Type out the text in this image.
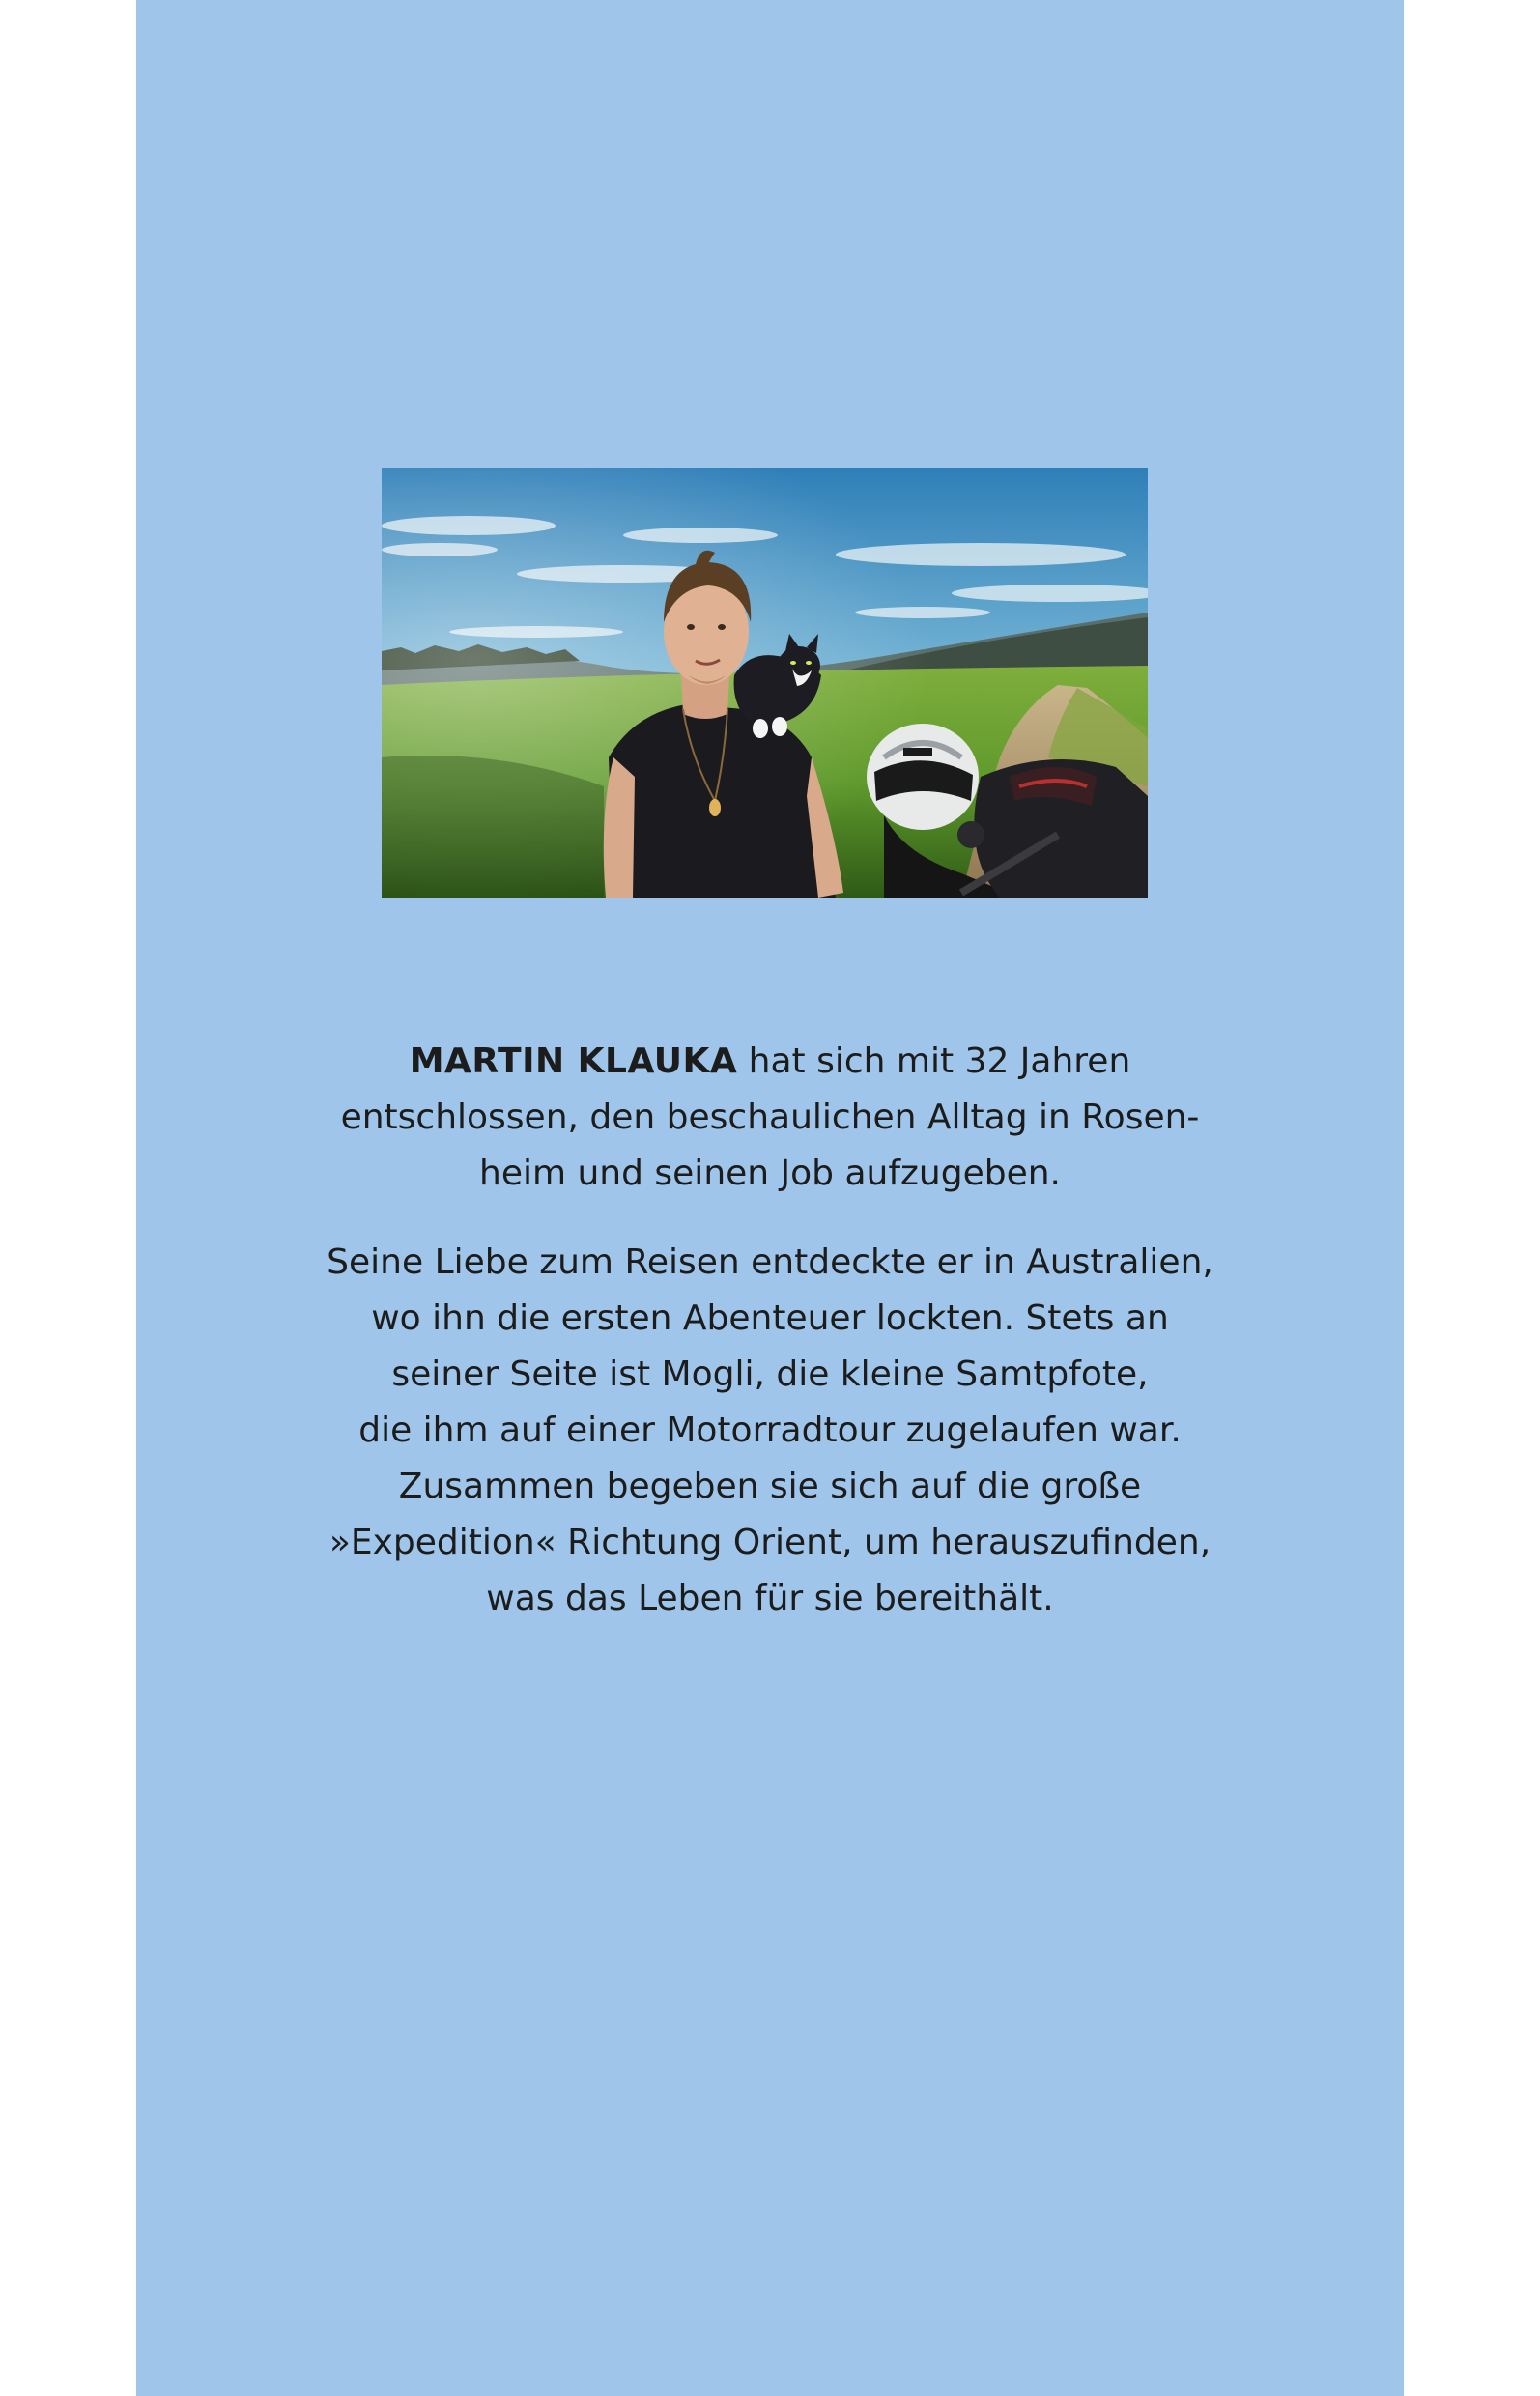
MARTIN KLAUKA hat sich mit 32 Jahren
entschlossen, den beschaulichen Alltag in Rosen-
heim und seinen Job aufzugeben.

Seine Liebe zum Reisen entdeckte er in Australien,
wo ihn die ersten Abenteuer lockten. Stets an
seiner Seite ist Mogli, die kleine Samtpfote,
die ihm auf einer Motorradtour zugelaufen war.
Zusammen begeben sie sich auf die große
»Expedition« Richtung Orient, um herauszufinden,
was das Leben für sie bereithält.
